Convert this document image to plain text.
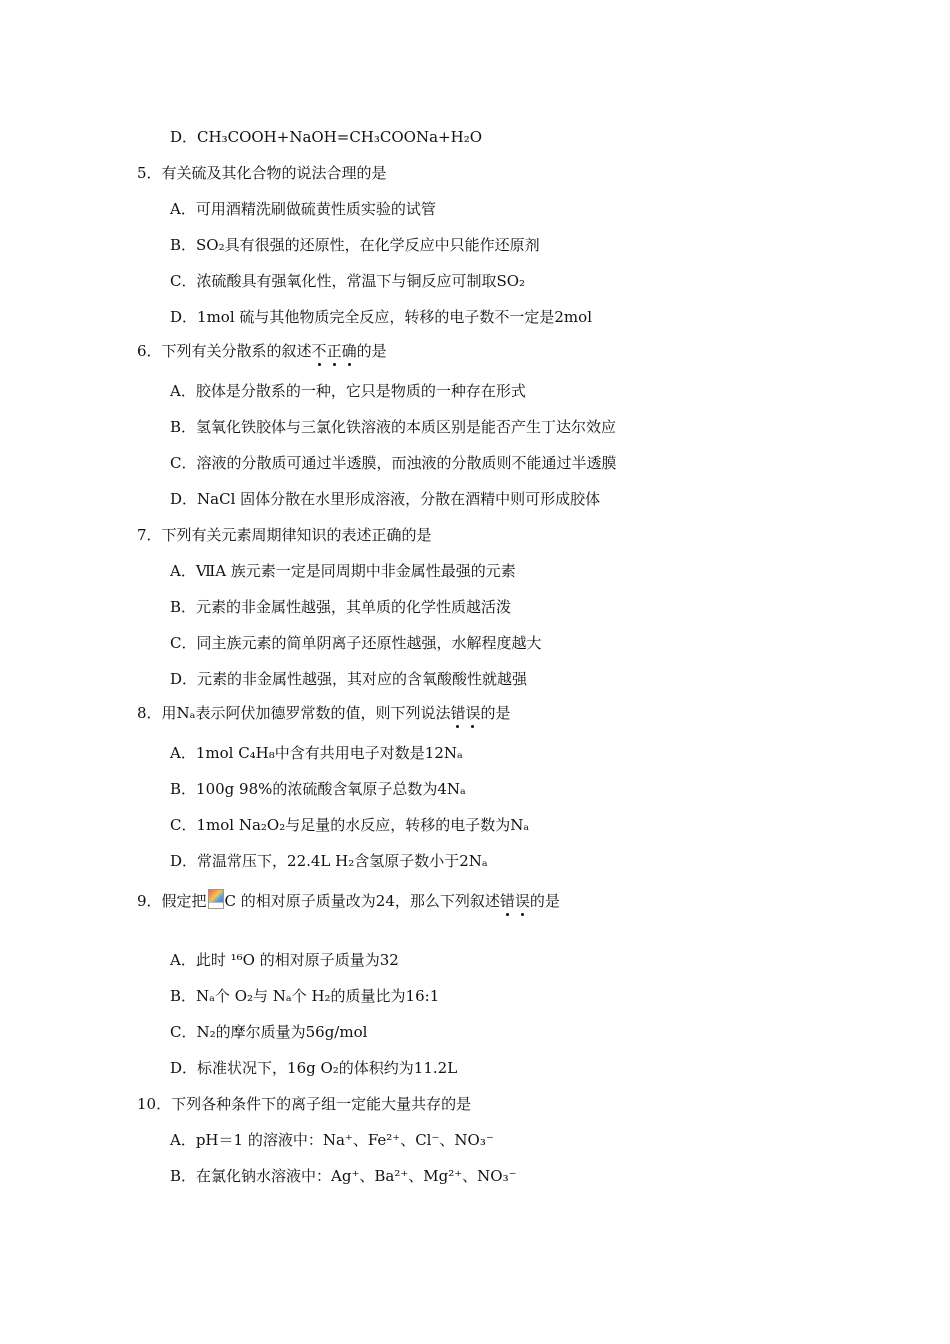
D．CH₃COOH+NaOH=CH₃COONa+H₂O
5．有关硫及其化合物的说法合理的是
A．可用酒精洗刷做硫黄性质实验的试管
B．SO₂具有很强的还原性，在化学反应中只能作还原剂
C．浓硫酸具有强氧化性，常温下与铜反应可制取SO₂
D．1mol 硫与其他物质完全反应，转移的电子数不一定是2mol
6．下列有关分散系的叙述不正确的是
A．胶体是分散系的一种，它只是物质的一种存在形式
B．氢氧化铁胶体与三氯化铁溶液的本质区别是能否产生丁达尔效应
C．溶液的分散质可通过半透膜，而浊液的分散质则不能通过半透膜
D．NaCl 固体分散在水里形成溶液，分散在酒精中则可形成胶体
7．下列有关元素周期律知识的表述正确的是
A．ⅦA 族元素一定是同周期中非金属性最强的元素
B．元素的非金属性越强，其单质的化学性质越活泼
C．同主族元素的简单阴离子还原性越强，水解程度越大
D．元素的非金属性越强，其对应的含氧酸酸性就越强
8．用Nₐ表示阿伏加德罗常数的值，则下列说法错误的是
A．1mol C₄H₈中含有共用电子对数是12Nₐ
B．100g 98%的浓硫酸含氧原子总数为4Nₐ
C．1mol Na₂O₂与足量的水反应，转移的电子数为Nₐ
D．常温常压下，22.4L H₂含氢原子数小于2Nₐ
9．假定把 C 的相对原子质量改为24，那么下列叙述错误的是
A．此时 ¹⁶O 的相对原子质量为32
B．Nₐ个 O₂与 Nₐ个 H₂的质量比为16:1
C．N₂的摩尔质量为56g/mol
D．标准状况下，16g O₂的体积约为11.2L
10．下列各种条件下的离子组一定能大量共存的是
A．pH＝1 的溶液中：Na⁺、Fe²⁺、Cl⁻、NO₃⁻
B．在氯化钠水溶液中：Ag⁺、Ba²⁺、Mg²⁺、NO₃⁻
